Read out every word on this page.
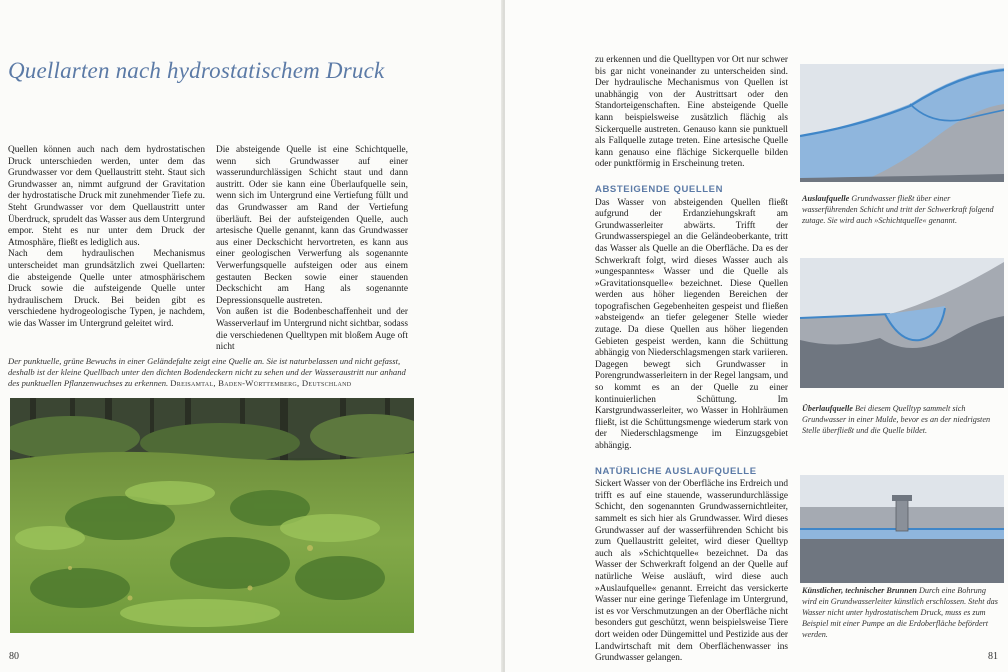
Quellarten nach hydrostatischem Druck

Quellen können auch nach dem hydrostatischen Druck unterschieden werden, unter dem das Grundwasser vor dem Quellaustritt steht. Staut sich Grundwasser an, nimmt aufgrund der Gravitation der hydrostatische Druck mit zunehmender Tiefe zu. Steht Grundwasser vor dem Quellaustritt unter Überdruck, sprudelt das Wasser aus dem Untergrund empor. Steht es nur unter dem Druck der Atmosphäre, fließt es lediglich aus.

Nach dem hydraulischen Mechanismus unterscheidet man grundsätzlich zwei Quellarten: die absteigende Quelle unter atmosphärischem Druck sowie die aufsteigende Quelle unter hydraulischem Druck. Bei beiden gibt es verschiedene hydrogeologische Typen, je nachdem, wie das Wasser im Untergrund geleitet wird.

Die absteigende Quelle ist eine Schichtquelle, wenn sich Grundwasser auf einer wasserundurchlässigen Schicht staut und dann austritt. Oder sie kann eine Überlaufquelle sein, wenn sich im Untergrund eine Vertiefung füllt und das Grundwasser am Rand der Vertiefung überläuft. Bei der aufsteigenden Quelle, auch artesische Quelle genannt, kann das Grundwasser aus einer Deckschicht hervortreten, es kann aus einer geologischen Verwerfung als sogenannte Verwerfungsquelle aufsteigen oder aus einem gestauten Becken sowie einer stauenden Deckschicht am Hang als sogenannte Depressionsquelle austreten.

Von außen ist die Bodenbeschaffenheit und der Wasserverlauf im Untergrund nicht sichtbar, sodass die verschiedenen Quelltypen mit bloßem Auge oft nicht

Der punktuelle, grüne Bewuchs in einer Geländefalte zeigt eine Quelle an. Sie ist naturbelassen und nicht gefasst, deshalb ist der kleine Quellbach unter den dichten Bodendeckern nicht zu sehen und der Wasseraustritt nur anhand des punktuellen Pflanzenwuchses zu erkennen. Dreisamtal, Baden-Württemberg, Deutschland
80

zu erkennen und die Quelltypen vor Ort nur schwer bis gar nicht voneinander zu unterscheiden sind. Der hydraulische Mechanismus von Quellen ist unabhängig von der Austrittsart oder den Standorteigenschaften. Eine absteigende Quelle kann beispielsweise zusätzlich flächig als Sickerquelle austreten. Genauso kann sie punktuell als Fallquelle zutage treten. Eine artesische Quelle kann genauso eine flächige Sickerquelle bilden oder punktförmig in Erscheinung treten.

ABSTEIGENDE QUELLEN

Das Wasser von absteigenden Quellen fließt aufgrund der Erdanziehungskraft am Grundwasserleiter abwärts. Trifft der Grundwasserspiegel an die Geländeoberkante, tritt das Wasser als Quelle an die Oberfläche. Da es der Schwerkraft folgt, wird dieses Wasser auch als »ungespanntes« Wasser und die Quelle als »Gravitationsquelle« bezeichnet. Diese Quellen werden aus höher liegenden Bereichen der topografischen Gegebenheiten gespeist und fließen »absteigend« an tiefer gelegener Stelle wieder zutage. Da diese Quellen aus höher liegenden Gebieten gespeist werden, kann die Schüttung abhängig von Niederschlagsmengen stark variieren. Dagegen bewegt sich Grundwasser in Porengrundwasserleitern in der Regel langsam, und so kommt es an der Quelle zu einer kontinuierlichen Schüttung. Im Karstgrundwasserleiter, wo Wasser in Hohlräumen fließt, ist die Schüttungsmenge wiederum stark von der Niederschlagsmenge im Einzugsgebiet abhängig.

NATÜRLICHE AUSLAUFQUELLE

Sickert Wasser von der Oberfläche ins Erdreich und trifft es auf eine stauende, wasserundurchlässige Schicht, den sogenannten Grundwassernichtleiter, sammelt es sich hier als Grundwasser. Wird dieses Grundwasser auf der wasserführenden Schicht bis zum Quellaustritt geleitet, wird dieser Quelltyp auch als »Schichtquelle« bezeichnet. Da das Wasser der Schwerkraft folgend an der Quelle auf natürliche Weise ausläuft, wird diese auch »Auslaufquelle« genannt. Erreicht das versickerte Wasser nur eine geringe Tiefenlage im Untergrund, ist es vor Verschmutzungen an der Oberfläche nicht besonders gut geschützt, wenn beispielsweise Tiere dort weiden oder Düngemittel und Pestizide aus der Landwirtschaft mit dem Oberflächenwasser ins Grundwasser gelangen.

Auslaufquelle Grundwasser fließt über einer wasserführenden Schicht und tritt der Schwerkraft folgend zutage. Sie wird auch »Schichtquelle« genannt.
Überlaufquelle Bei diesem Quelltyp sammelt sich Grundwasser in einer Mulde, bevor es an der niedrigsten Stelle überfließt und die Quelle bildet.
Künstlicher, technischer Brunnen Durch eine Bohrung wird ein Grundwasserleiter künstlich erschlossen. Steht das Wasser nicht unter hydrostatischem Druck, muss es zum Beispiel mit einer Pumpe an die Erdoberfläche befördert werden.
81
